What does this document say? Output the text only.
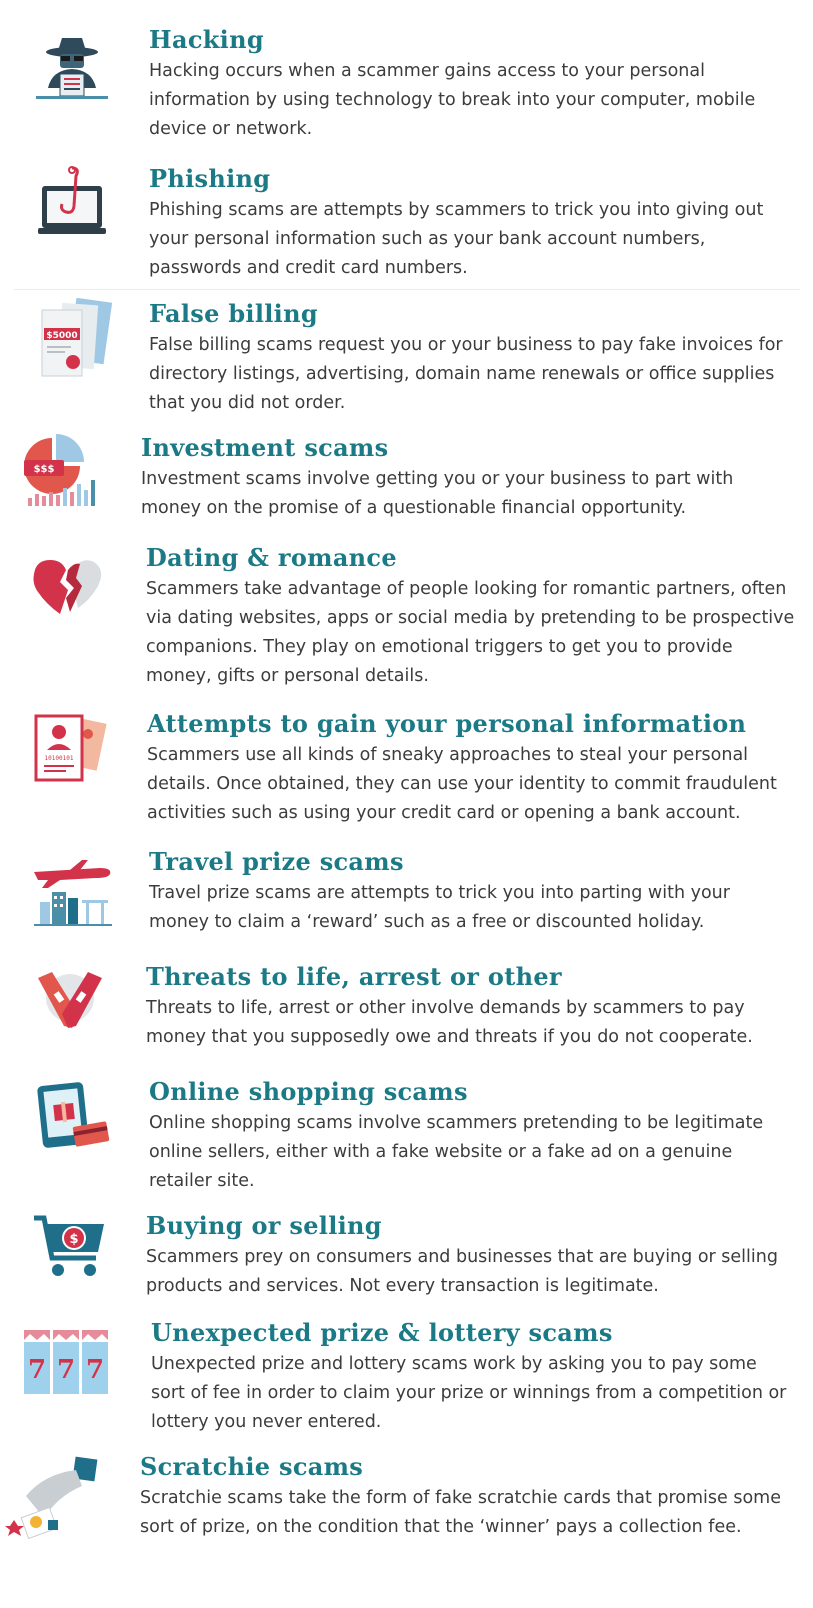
Hacking

Hacking occurs when a scammer gains access to your personal information by using technology to break into your computer, mobile device or network.

Phishing

Phishing scams are attempts by scammers to trick you into giving out your personal information such as your bank account numbers, passwords and credit card numbers.

$5000
False billing

False billing scams request you or your business to pay fake invoices for directory listings, advertising, domain name renewals or office supplies that you did not order.

$$$
Investment scams

Investment scams involve getting you or your business to part with money on the promise of a questionable financial opportunity.

Dating & romance

Scammers take advantage of people looking for romantic partners, often via dating websites, apps or social media by pretending to be prospective companions. They play on emotional triggers to get you to provide money, gifts or personal details.

10100101
Attempts to gain your personal information

Scammers use all kinds of sneaky approaches to steal your personal details. Once obtained, they can use your identity to commit fraudulent activities such as using your credit card or opening a bank account.

Travel prize scams

Travel prize scams are attempts to trick you into parting with your money to claim a ‘reward’ such as a free or discounted holiday.

Threats to life, arrest or other

Threats to life, arrest or other involve demands by scammers to pay money that you supposedly owe and threats if you do not cooperate.

Online shopping scams

Online shopping scams involve scammers pretending to be legitimate online sellers, either with a fake website or a fake ad on a genuine retailer site.

$	Buying or selling

Scammers prey on consumers and businesses that are buying or selling products and services. Not every transaction is legitimate.

7 7 7
Unexpected prize & lottery scams

Unexpected prize and lottery scams work by asking you to pay some sort of fee in order to claim your prize or winnings from a competition or lottery you never entered.

Scratchie scams

Scratchie scams take the form of fake scratchie cards that promise some sort of prize, on the condition that the ‘winner’ pays a collection fee.
